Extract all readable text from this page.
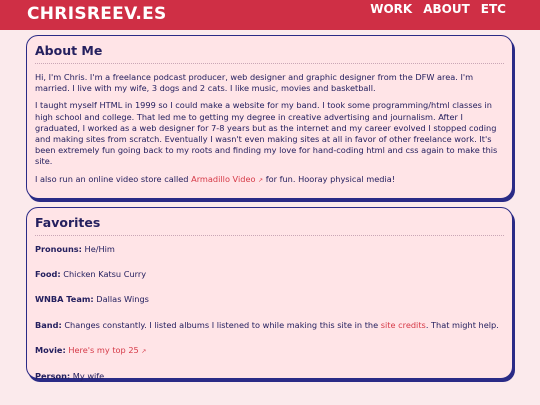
CHRISREEV.ES	WORK ABOUT ETC
About Me

Hi, I'm Chris. I'm a freelance podcast producer, web designer and graphic designer from the DFW area. I'm married. I live with my wife, 3 dogs and 2 cats. I like music, movies and basketball.

I taught myself HTML in 1999 so I could make a website for my band. I took some programming/html classes in high school and college. That led me to getting my degree in creative advertising and journalism. After I graduated, I worked as a web designer for 7-8 years but as the internet and my career evolved I stopped coding and making sites from scratch. Eventually I wasn't even making sites at all in favor of other freelance work. It's been extremely fun going back to my roots and finding my love for hand-coding html and css again to make this site.

I also run an online video store called Armadillo Video ↗ for fun. Hooray physical media!

Favorites

Pronouns: He/Him

Food: Chicken Katsu Curry

WNBA Team: Dallas Wings

Band: Changes constantly. I listed albums I listened to while making this site in the site credits. That might help.

Movie: Here's my top 25 ↗

Person: My wife
